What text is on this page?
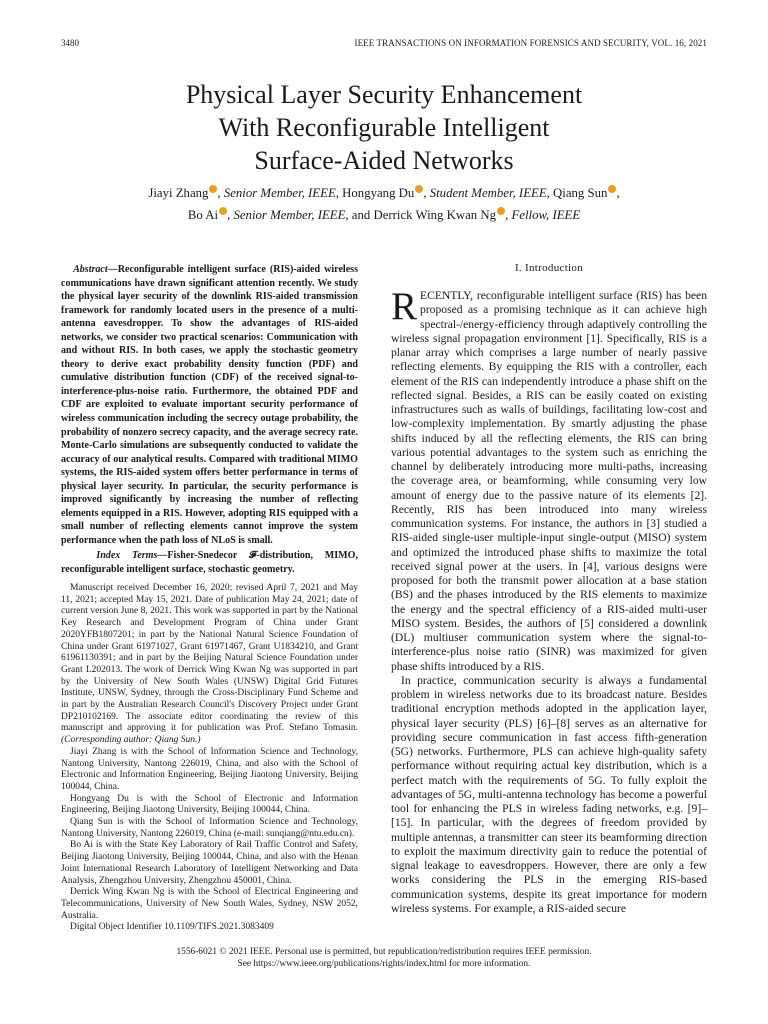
3480	IEEE TRANSACTIONS ON INFORMATION FORENSICS AND SECURITY, VOL. 16, 2021
Physical Layer Security Enhancement
With Reconfigurable Intelligent
Surface-Aided Networks
Jiayi Zhang , Senior Member, IEEE, Hongyang Du , Student Member, IEEE, Qiang Sun ,
Bo Ai , Senior Member, IEEE, and Derrick Wing Kwan Ng , Fellow, IEEE
Abstract—Reconfigurable intelligent surface (RIS)-aided wireless communications have drawn significant attention recently. We study the physical layer security of the downlink RIS-aided transmission framework for randomly located users in the presence of a multi-antenna eavesdropper. To show the advantages of RIS-aided networks, we consider two practical scenarios: Communication with and without RIS. In both cases, we apply the stochastic geometry theory to derive exact probability density function (PDF) and cumulative distribution function (CDF) of the received signal-to-interference-plus-noise ratio. Furthermore, the obtained PDF and CDF are exploited to evaluate important security performance of wireless communication including the secrecy outage probability, the probability of nonzero secrecy capacity, and the average secrecy rate. Monte-Carlo simulations are subsequently conducted to validate the accuracy of our analytical results. Compared with traditional MIMO systems, the RIS-aided system offers better performance in terms of physical layer security. In particular, the security performance is improved significantly by increasing the number of reflecting elements equipped in a RIS. However, adopting RIS equipped with a small number of reflecting elements cannot improve the system performance when the path loss of NLoS is small.
Index Terms—Fisher-Snedecor 𝓕-distribution, MIMO, reconfigurable intelligent surface, stochastic geometry.

Manuscript received December 16, 2020; revised April 7, 2021 and May 11, 2021; accepted May 15, 2021. Date of publication May 24, 2021; date of current version June 8, 2021. This work was supported in part by the National Key Research and Development Program of China under Grant 2020YFB1807201; in part by the National Natural Science Foundation of China under Grant 61971027, Grant 61971467, Grant U1834210, and Grant 61961130391; and in part by the Beijing Natural Science Foundation under Grant L202013. The work of Derrick Wing Kwan Ng was supported in part by the University of New South Wales (UNSW) Digital Grid Futures Institute, UNSW, Sydney, through the Cross-Disciplinary Fund Scheme and in part by the Australian Research Council's Discovery Project under Grant DP210102169. The associate editor coordinating the review of this manuscript and approving it for publication was Prof. Stefano Tomasin. (Corresponding author: Qiang Sun.)

Jiayi Zhang is with the School of Information Science and Technology, Nantong University, Nantong 226019, China, and also with the School of Electronic and Information Engineering, Beijing Jiaotong University, Beijing 100044, China.

Hongyang Du is with the School of Electronic and Information Engineering, Beijing Jiaotong University, Beijing 100044, China.

Qiang Sun is with the School of Information Science and Technology, Nantong University, Nantong 226019, China (e-mail: sunqiang@ntu.edu.cn).

Bo Ai is with the State Key Laboratory of Rail Traffic Control and Safety, Beijing Jiaotong University, Beijing 100044, China, and also with the Henan Joint International Research Laboratory of Intelligent Networking and Data Analysis, Zhengzhou University, Zhengzhou 450001, China.

Derrick Wing Kwan Ng is with the School of Electrical Engineering and Telecommunications, University of New South Wales, Sydney, NSW 2052, Australia.

Digital Object Identifier 10.1109/TIFS.2021.3083409

I. Introduction

RECENTLY, reconfigurable intelligent surface (RIS) has been proposed as a promising technique as it can achieve high spectral-/energy-efficiency through adaptively controlling the wireless signal propagation environment [1]. Specifically, RIS is a planar array which comprises a large number of nearly passive reflecting elements. By equipping the RIS with a controller, each element of the RIS can independently introduce a phase shift on the reflected signal. Besides, a RIS can be easily coated on existing infrastructures such as walls of buildings, facilitating low-cost and low-complexity implementation. By smartly adjusting the phase shifts induced by all the reflecting elements, the RIS can bring various potential advantages to the system such as enriching the channel by deliberately introducing more multi-paths, increasing the coverage area, or beamforming, while consuming very low amount of energy due to the passive nature of its elements [2]. Recently, RIS has been introduced into many wireless communication systems. For instance, the authors in [3] studied a RIS-aided single-user multiple-input single-output (MISO) system and optimized the introduced phase shifts to maximize the total received signal power at the users. In [4], various designs were proposed for both the transmit power allocation at a base station (BS) and the phases introduced by the RIS elements to maximize the energy and the spectral efficiency of a RIS-aided multi-user MISO system. Besides, the authors of [5] considered a downlink (DL) multiuser communication system where the signal-to-interference-plus noise ratio (SINR) was maximized for given phase shifts introduced by a RIS.

In practice, communication security is always a fundamental problem in wireless networks due to its broadcast nature. Besides traditional encryption methods adopted in the application layer, physical layer security (PLS) [6]–[8] serves as an alternative for providing secure communication in fast access fifth-generation (5G) networks. Furthermore, PLS can achieve high-quality safety performance without requiring actual key distribution, which is a perfect match with the requirements of 5G. To fully exploit the advantages of 5G, multi-antenna technology has become a powerful tool for enhancing the PLS in wireless fading networks, e.g. [9]–[15]. In particular, with the degrees of freedom provided by multiple antennas, a transmitter can steer its beamforming direction to exploit the maximum directivity gain to reduce the potential of signal leakage to eavesdroppers. However, there are only a few works considering the PLS in the emerging RIS-based communication systems, despite its great importance for modern wireless systems. For example, a RIS-aided secure

1556-6021 © 2021 IEEE. Personal use is permitted, but republication/redistribution requires IEEE permission.
See https://www.ieee.org/publications/rights/index.html for more information.
